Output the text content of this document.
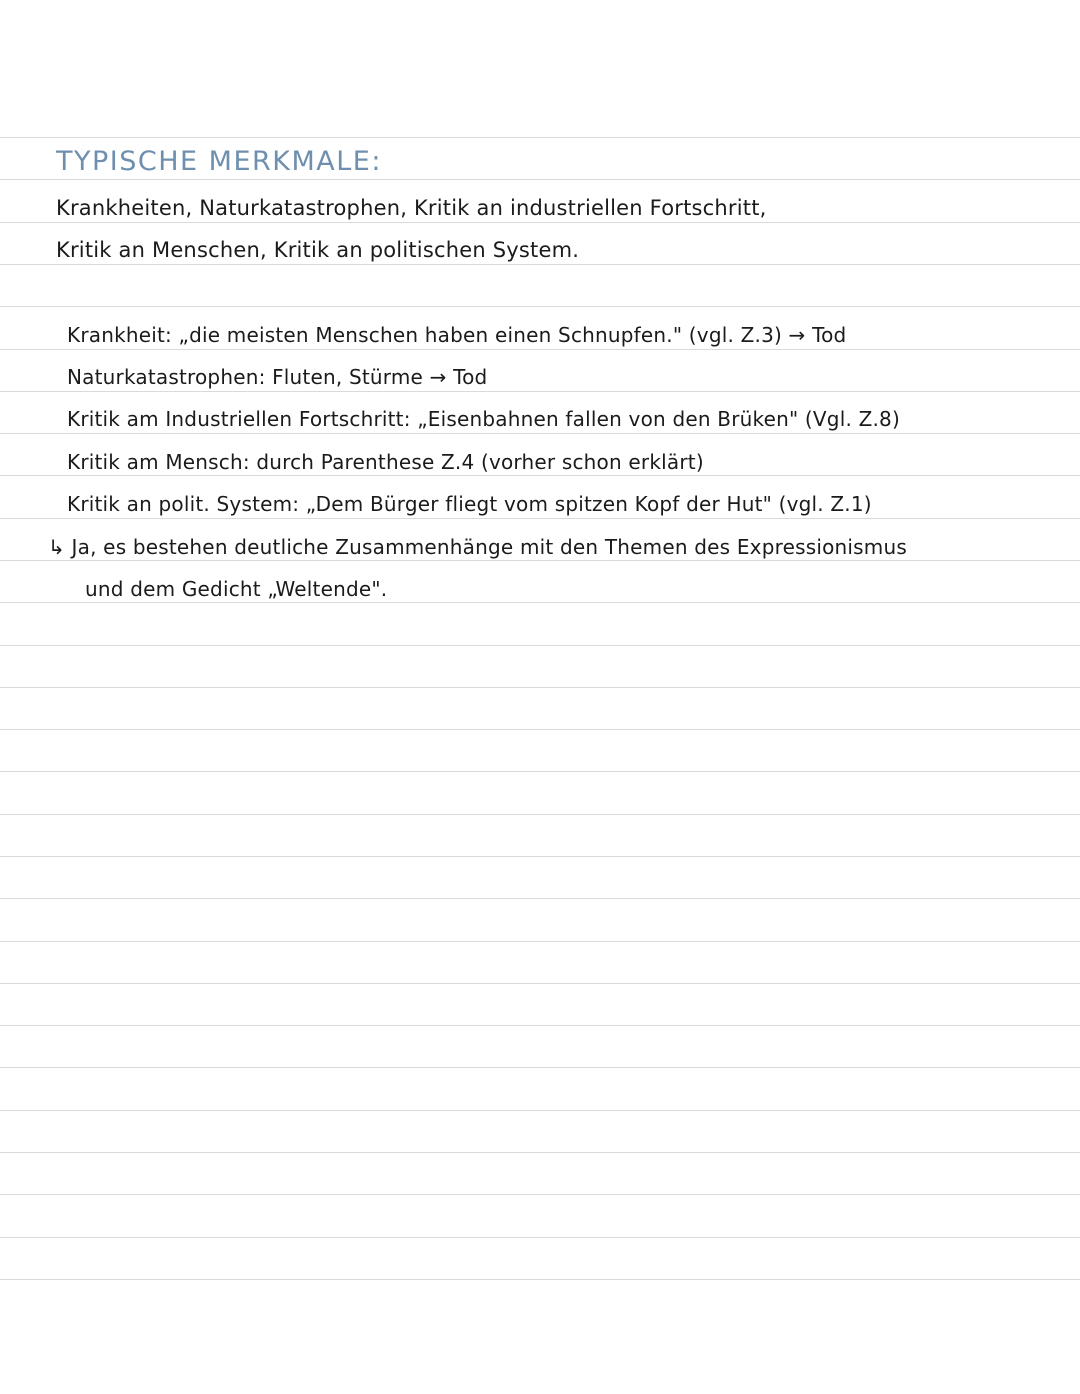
TYPISCHE MERKMALE:
Krankheiten, Naturkatastrophen, Kritik an industriellen Fortschritt,
Kritik an Menschen, Kritik an politischen System.
Krankheit: „die meisten Menschen haben einen Schnupfen." (vgl. Z.3) → Tod
Naturkatastrophen: Fluten, Stürme → Tod
Kritik am Industriellen Fortschritt: „Eisenbahnen fallen von den Brüken" (Vgl. Z.8)
Kritik am Mensch: durch Parenthese Z.4 (vorher schon erklärt)
Kritik an polit. System: „Dem Bürger fliegt vom spitzen Kopf der Hut" (vgl. Z.1)
↳ Ja, es bestehen deutliche Zusammenhänge mit den Themen des Expressionismus
und dem Gedicht „Weltende".
